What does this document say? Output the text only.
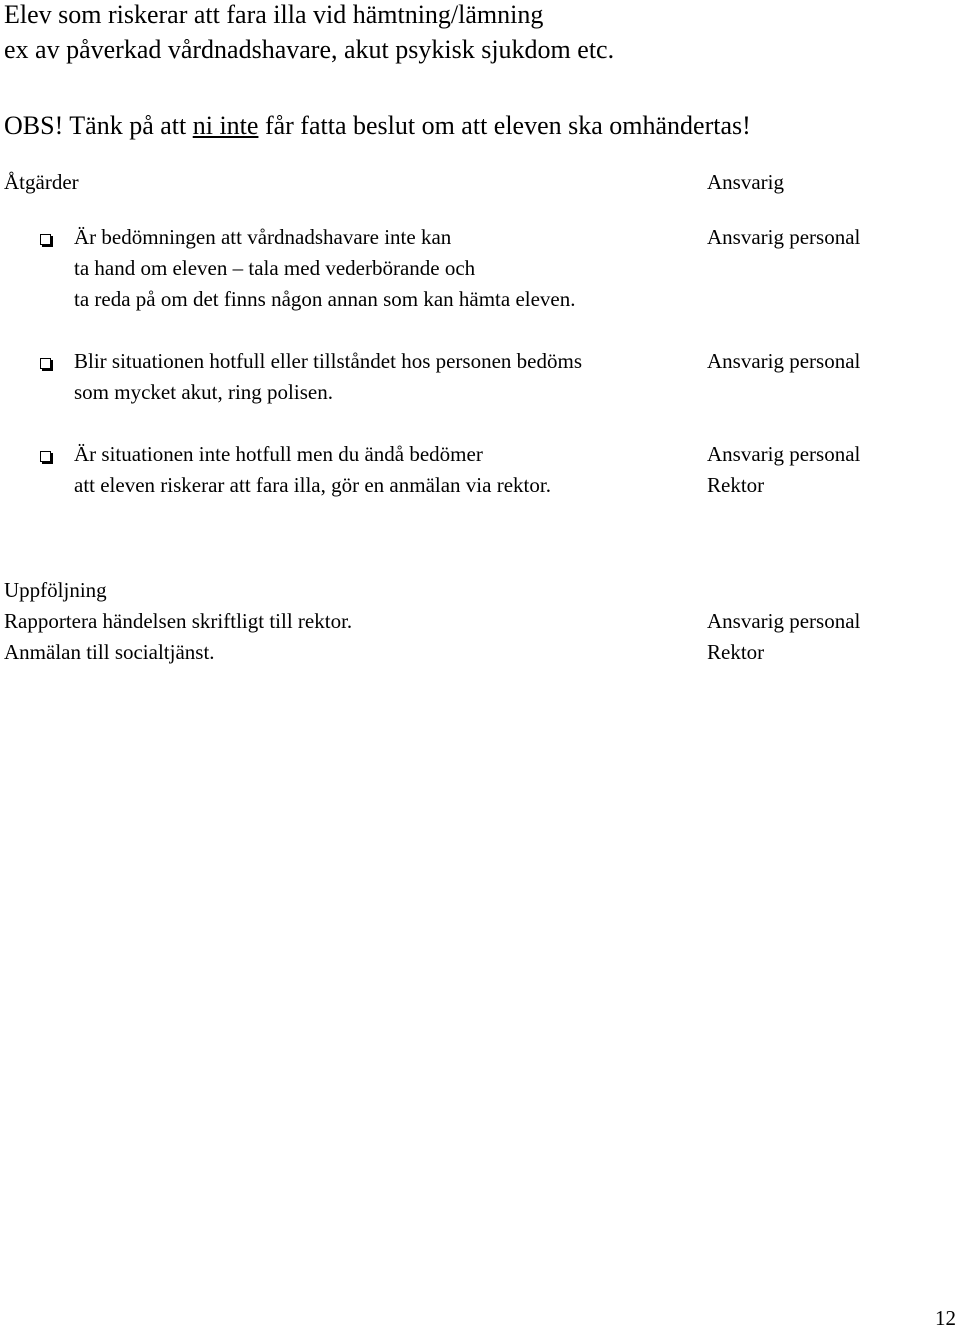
Elev som riskerar att fara illa vid hämtning/lämning
ex av påverkad vårdnadshavare, akut psykisk sjukdom etc.
OBS! Tänk på att ni inte får fatta beslut om att eleven ska omhändertas!
Åtgärder	Ansvarig
Är bedömningen att vårdnadshavare inte kan
ta hand om eleven – tala med vederbörande och
ta reda på om det finns någon annan som kan hämta eleven.
Ansvarig personal
Blir situationen hotfull eller tillståndet hos personen bedöms
som mycket akut, ring polisen.
Ansvarig personal
Är situationen inte hotfull men du ändå bedömer
att eleven riskerar att fara illa, gör en anmälan via rektor.
Ansvarig personal
Rektor
Uppföljning
Rapportera händelsen skriftligt till rektor.
Anmälan till socialtjänst.
Ansvarig personal
Rektor
12
